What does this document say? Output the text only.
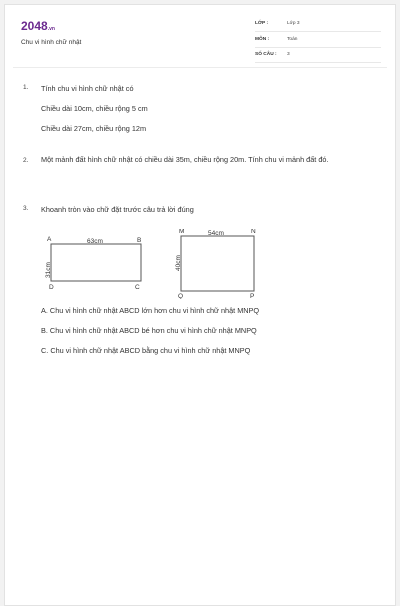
2048.vn
Chu vi hình chữ nhật
LỚP :	Lớp 3
MÔN :	Toán
SỐ CÂU : 3
1. Tính chu vi hình chữ nhật có
Chiều dài 10cm, chiều rộng 5 cm
Chiều dài 27cm, chiều rộng 12m
2. Một mảnh đất hình chữ nhật có chiều dài 35m, chiều rộng 20m. Tính chu vi mảnh đất đó.
3. Khoanh tròn vào chữ đặt trước câu trả lời đúng
A	B
C
D
63cm
31cm
M	N
P
Q
54cm
40cm
A. Chu vi hình chữ nhật ABCD lớn hơn chu vi hình chữ nhật MNPQ
B. Chu vi hình chữ nhật ABCD bé hơn chu vi hình chữ nhật MNPQ
C. Chu vi hình chữ nhật ABCD bằng chu vi hình chữ nhật MNPQ
